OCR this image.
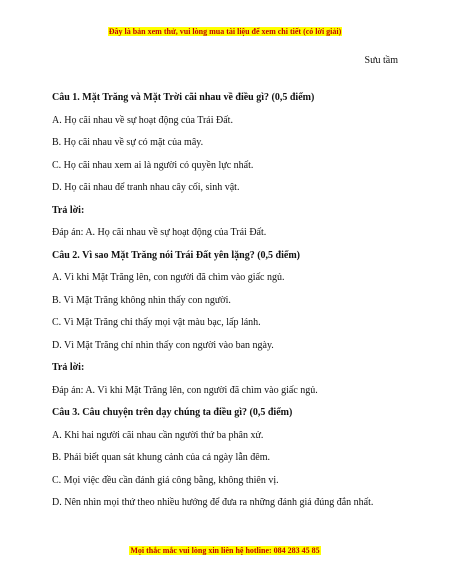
Đây là bản xem thử, vui lòng mua tài liệu để xem chi tiết (có lời giải)
Sưu tầm
Câu 1. Mặt Trăng và Mặt Trời cãi nhau về điều gì? (0,5 điểm)
A. Họ cãi nhau về sự hoạt động của Trái Đất.
B. Họ cãi nhau về sự có mặt của mây.
C. Họ cãi nhau xem ai là người có quyền lực nhất.
D. Họ cãi nhau để tranh nhau cây cối, sinh vật.
Trả lời:
Đáp án: A. Họ cãi nhau về sự hoạt động của Trái Đất.
Câu 2. Vì sao Mặt Trăng nói Trái Đất yên lặng? (0,5 điểm)
A. Vì khi Mặt Trăng lên, con người đã chìm vào giấc ngủ.
B. Vì Mặt Trăng không nhìn thấy con người.
C. Vì Mặt Trăng chỉ thấy mọi vật màu bạc, lấp lánh.
D. Vì Mặt Trăng chỉ nhìn thấy con người vào ban ngày.
Trả lời:
Đáp án: A. Vì khi Mặt Trăng lên, con người đã chìm vào giấc ngủ.
Câu 3. Câu chuyện trên dạy chúng ta điều gì? (0,5 điểm)
A. Khi hai người cãi nhau cần người thứ ba phân xử.
B. Phải biết quan sát khung cảnh của cả ngày lẫn đêm.
C. Mọi việc đều cần đánh giá công bằng, không thiên vị.
D. Nên nhìn mọi thứ theo nhiều hướng để đưa ra những đánh giá đúng đắn nhất.
Mọi thắc mắc vui lòng xin liên hệ hotline: 084 283 45 85
